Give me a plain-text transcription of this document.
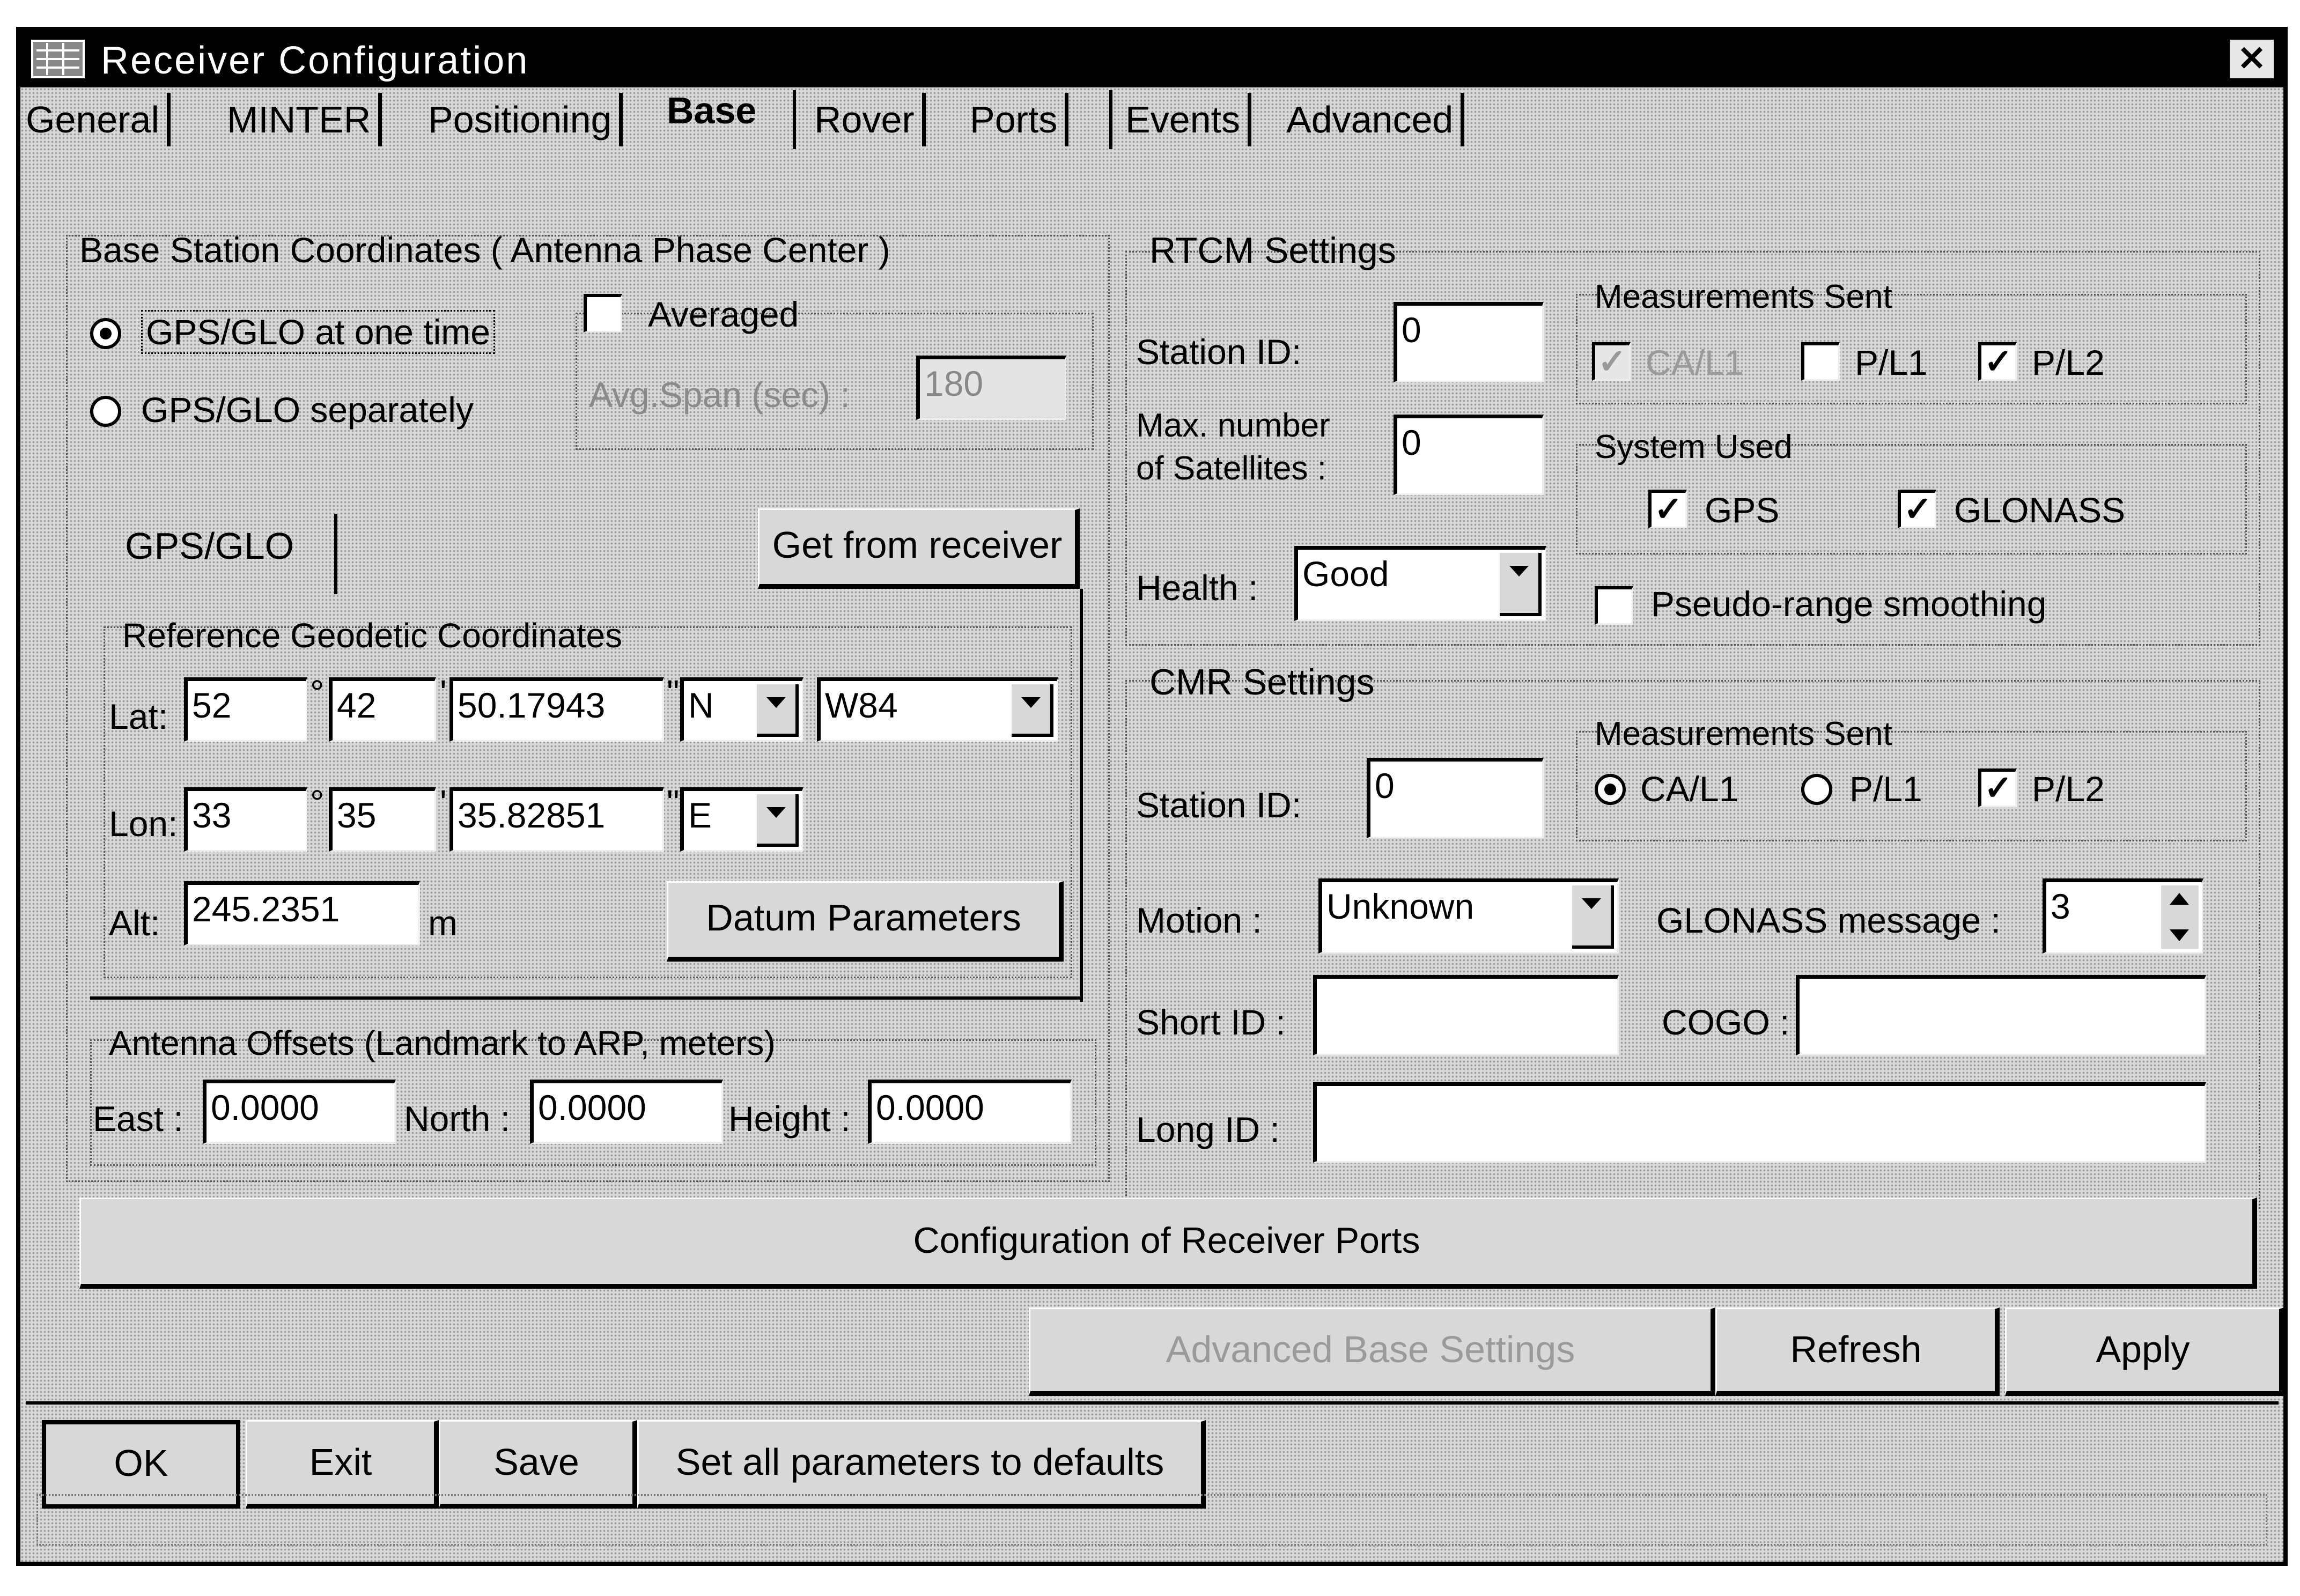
Receiver Configuration	✕
General	MINTER	Positioning	Base Rover	Ports	Events	Advanced
Base Station Coordinates ( Antenna Phase Center )
GPS/GLO at one time
GPS/GLO separately
Averaged
Avg.Span (sec) : 180
GPS/GLO	Get from receiver
Reference Geodetic Coordinates
Lat: 52	° 42	' 50.17943	" N	W84
Lon: 33	° 35	' 35.82851	" E
Alt: 245.2351	m	Datum Parameters
Antenna Offsets (Landmark to ARP, meters)
East : 0.0000	North : 0.0000	Height : 0.0000
RTCM Settings
Station ID:
0
Max. number
of Satellites :
0
Health : Good
Measurements Sent
✓ CA/L1	P/L1 ✓ P/L2
System Used
✓ GPS	✓ GLONASS
Pseudo-range smoothing
CMR Settings
Station ID: 0
Measurements Sent
CA/L1	P/L1 ✓ P/L2
Motion : Unknown	GLONASS message : 3
Short ID :	COGO :
Long ID :
Configuration of Receiver Ports
Advanced Base Settings	Refresh	Apply
OK	Exit	Save	Set all parameters to defaults
